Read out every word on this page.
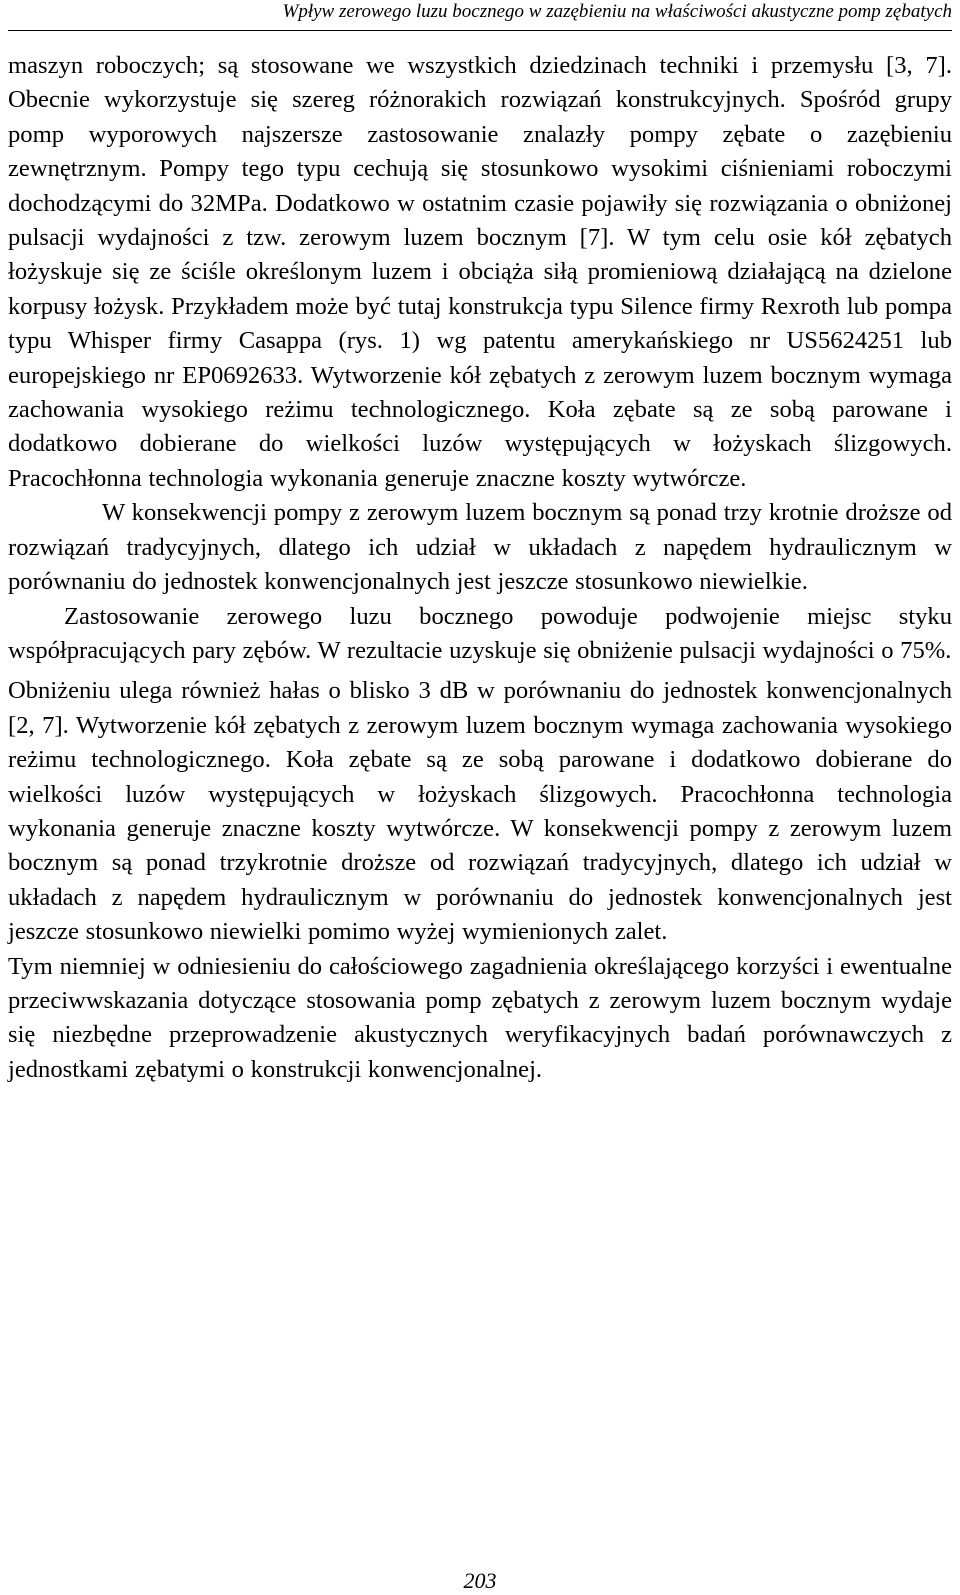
Wpływ zerowego luzu bocznego w zazębieniu na właściwości akustyczne pomp zębatych

maszyn roboczych; są stosowane we wszystkich dziedzinach techniki i przemysłu [3, 7]. Obecnie wykorzystuje się szereg różnorakich rozwiązań konstrukcyjnych. Spośród grupy pomp wyporowych najszersze zastosowanie znalazły pompy zębate o zazębieniu zewnętrznym. Pompy tego typu cechują się stosunkowo wysokimi ciśnieniami roboczymi dochodzącymi do 32MPa. Dodatkowo w ostatnim czasie pojawiły się rozwiązania o obniżonej pulsacji wydajności z tzw. zerowym luzem bocznym [7]. W tym celu osie kół zębatych łożyskuje się ze ściśle określonym luzem i obciąża siłą promieniową działającą na dzielone korpusy łożysk. Przykładem może być tutaj konstrukcja typu Silence firmy Rexroth lub pompa typu Whisper firmy Casappa (rys. 1) wg patentu amerykańskiego nr US5624251 lub europejskiego nr EP0692633. Wytworzenie kół zębatych z zerowym luzem bocznym wymaga zachowania wysokiego reżimu technologicznego. Koła zębate są ze sobą parowane i dodatkowo dobierane do wielkości luzów występujących w łożyskach ślizgowych. Pracochłonna technologia wykonania generuje znaczne koszty wytwórcze.

W konsekwencji pompy z zerowym luzem bocznym są ponad trzy krotnie droższe od rozwiązań tradycyjnych, dlatego ich udział w układach z napędem hydraulicznym w porównaniu do jednostek konwencjonalnych jest jeszcze stosunkowo niewielkie.

Zastosowanie zerowego luzu bocznego powoduje podwojenie miejsc styku współpracujących pary zębów. W rezultacie uzyskuje się obniżenie pulsacji wydajności o 75%.

Obniżeniu ulega również hałas o blisko 3 dB w porównaniu do jednostek konwencjonalnych [2, 7]. Wytworzenie kół zębatych z zerowym luzem bocznym wymaga zachowania wysokiego reżimu technologicznego. Koła zębate są ze sobą parowane i dodatkowo dobierane do wielkości luzów występujących w łożyskach ślizgowych. Pracochłonna technologia wykonania generuje znaczne koszty wytwórcze. W konsekwencji pompy z zerowym luzem bocznym są ponad trzykrotnie droższe od rozwiązań tradycyjnych, dlatego ich udział w układach z napędem hydraulicznym w porównaniu do jednostek konwencjonalnych jest jeszcze stosunkowo niewielki pomimo wyżej wymienionych zalet.

Tym niemniej w odniesieniu do całościowego zagadnienia określającego korzyści i ewentualne przeciwwskazania dotyczące stosowania pomp zębatych z zerowym luzem bocznym wydaje się niezbędne przeprowadzenie akustycznych weryfikacyjnych badań porównawczych z jednostkami zębatymi o konstrukcji konwencjonalnej.

203
